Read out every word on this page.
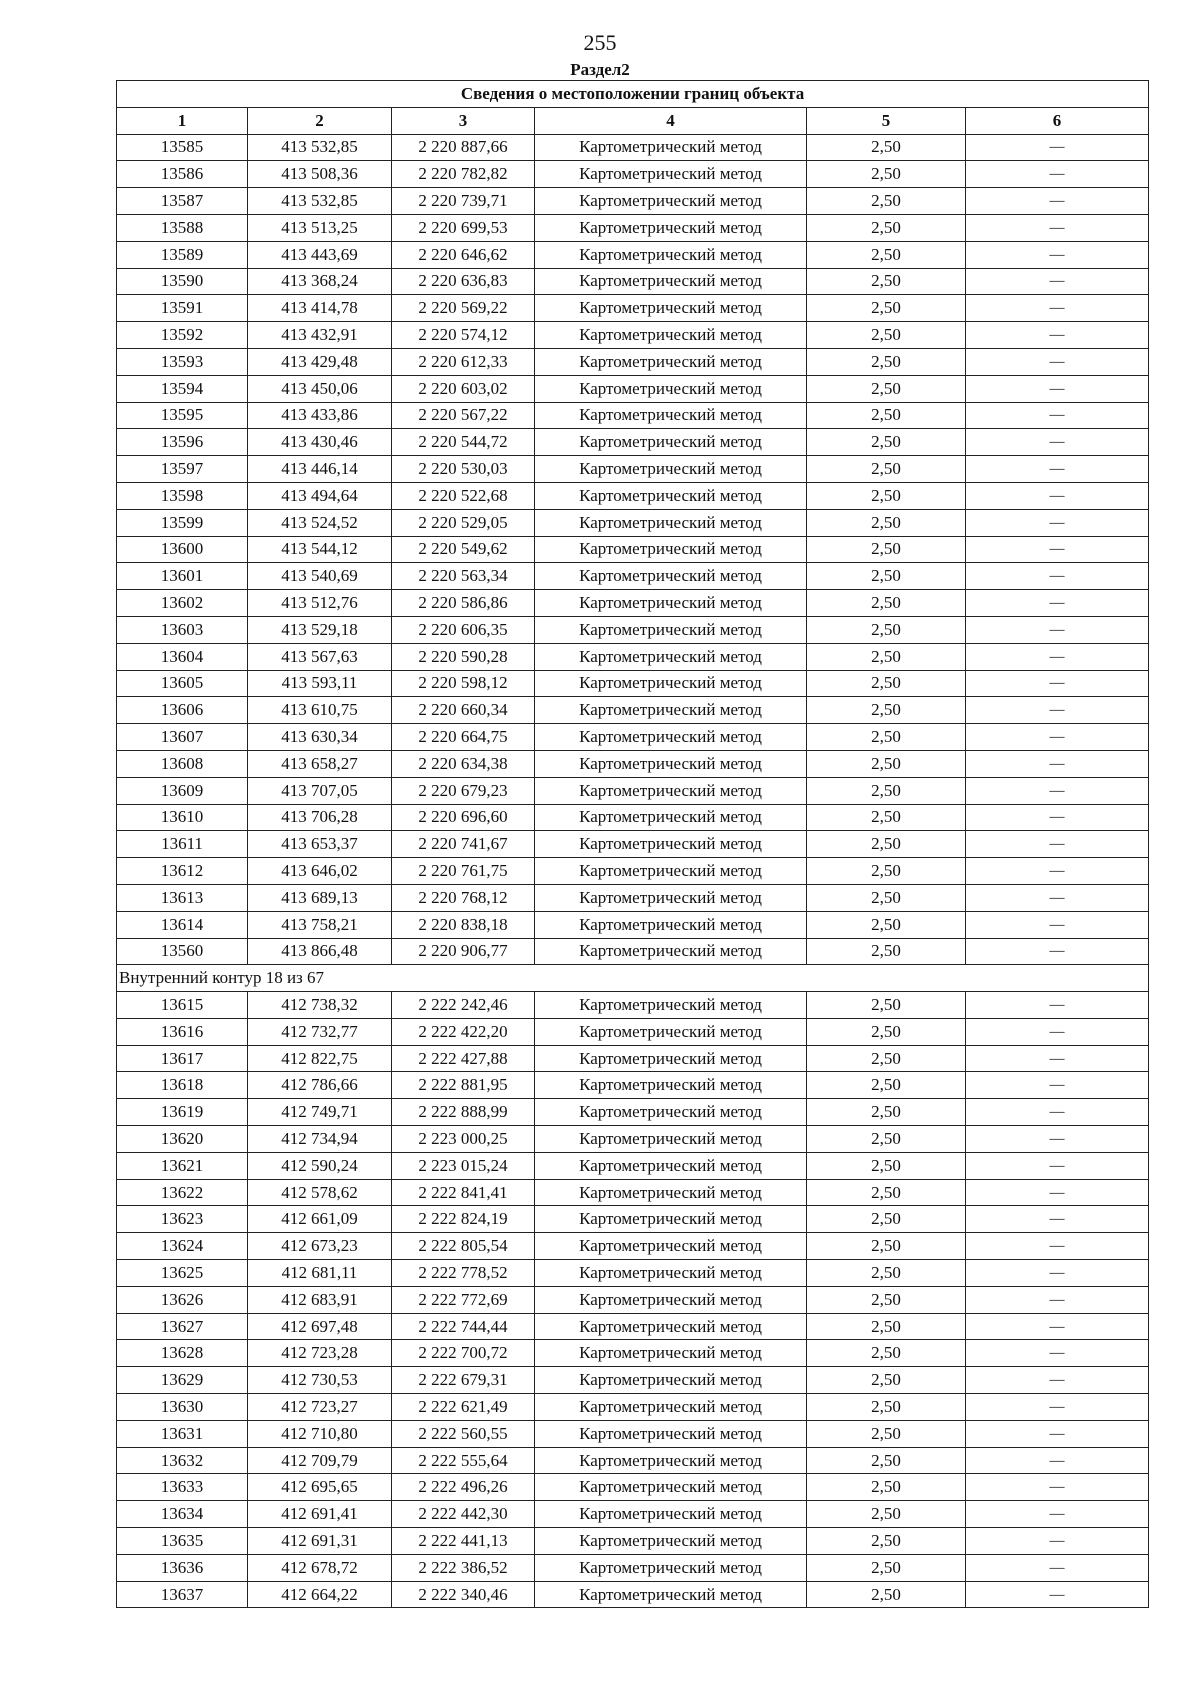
255
Раздел2
Сведения о местоположении границ объекта					
1	2	3	4	5	6
13585	413 532,85	2 220 887,66	Картометрический метод	2,50	—
13586	413 508,36	2 220 782,82	Картометрический метод	2,50	—
13587	413 532,85	2 220 739,71	Картометрический метод	2,50	—
13588	413 513,25	2 220 699,53	Картометрический метод	2,50	—
13589	413 443,69	2 220 646,62	Картометрический метод	2,50	—
13590	413 368,24	2 220 636,83	Картометрический метод	2,50	—
13591	413 414,78	2 220 569,22	Картометрический метод	2,50	—
13592	413 432,91	2 220 574,12	Картометрический метод	2,50	—
13593	413 429,48	2 220 612,33	Картометрический метод	2,50	—
13594	413 450,06	2 220 603,02	Картометрический метод	2,50	—
13595	413 433,86	2 220 567,22	Картометрический метод	2,50	—
13596	413 430,46	2 220 544,72	Картометрический метод	2,50	—
13597	413 446,14	2 220 530,03	Картометрический метод	2,50	—
13598	413 494,64	2 220 522,68	Картометрический метод	2,50	—
13599	413 524,52	2 220 529,05	Картометрический метод	2,50	—
13600	413 544,12	2 220 549,62	Картометрический метод	2,50	—
13601	413 540,69	2 220 563,34	Картометрический метод	2,50	—
13602	413 512,76	2 220 586,86	Картометрический метод	2,50	—
13603	413 529,18	2 220 606,35	Картометрический метод	2,50	—
13604	413 567,63	2 220 590,28	Картометрический метод	2,50	—
13605	413 593,11	2 220 598,12	Картометрический метод	2,50	—
13606	413 610,75	2 220 660,34	Картометрический метод	2,50	—
13607	413 630,34	2 220 664,75	Картометрический метод	2,50	—
13608	413 658,27	2 220 634,38	Картометрический метод	2,50	—
13609	413 707,05	2 220 679,23	Картометрический метод	2,50	—
13610	413 706,28	2 220 696,60	Картометрический метод	2,50	—
13611	413 653,37	2 220 741,67	Картометрический метод	2,50	—
13612	413 646,02	2 220 761,75	Картометрический метод	2,50	—
13613	413 689,13	2 220 768,12	Картометрический метод	2,50	—
13614	413 758,21	2 220 838,18	Картометрический метод	2,50	—
13560	413 866,48	2 220 906,77	Картометрический метод	2,50	—
Внутренний контур 18 из 67					
13615	412 738,32	2 222 242,46	Картометрический метод	2,50	—
13616	412 732,77	2 222 422,20	Картометрический метод	2,50	—
13617	412 822,75	2 222 427,88	Картометрический метод	2,50	—
13618	412 786,66	2 222 881,95	Картометрический метод	2,50	—
13619	412 749,71	2 222 888,99	Картометрический метод	2,50	—
13620	412 734,94	2 223 000,25	Картометрический метод	2,50	—
13621	412 590,24	2 223 015,24	Картометрический метод	2,50	—
13622	412 578,62	2 222 841,41	Картометрический метод	2,50	—
13623	412 661,09	2 222 824,19	Картометрический метод	2,50	—
13624	412 673,23	2 222 805,54	Картометрический метод	2,50	—
13625	412 681,11	2 222 778,52	Картометрический метод	2,50	—
13626	412 683,91	2 222 772,69	Картометрический метод	2,50	—
13627	412 697,48	2 222 744,44	Картометрический метод	2,50	—
13628	412 723,28	2 222 700,72	Картометрический метод	2,50	—
13629	412 730,53	2 222 679,31	Картометрический метод	2,50	—
13630	412 723,27	2 222 621,49	Картометрический метод	2,50	—
13631	412 710,80	2 222 560,55	Картометрический метод	2,50	—
13632	412 709,79	2 222 555,64	Картометрический метод	2,50	—
13633	412 695,65	2 222 496,26	Картометрический метод	2,50	—
13634	412 691,41	2 222 442,30	Картометрический метод	2,50	—
13635	412 691,31	2 222 441,13	Картометрический метод	2,50	—
13636	412 678,72	2 222 386,52	Картометрический метод	2,50	—
13637	412 664,22	2 222 340,46	Картометрический метод	2,50	—
